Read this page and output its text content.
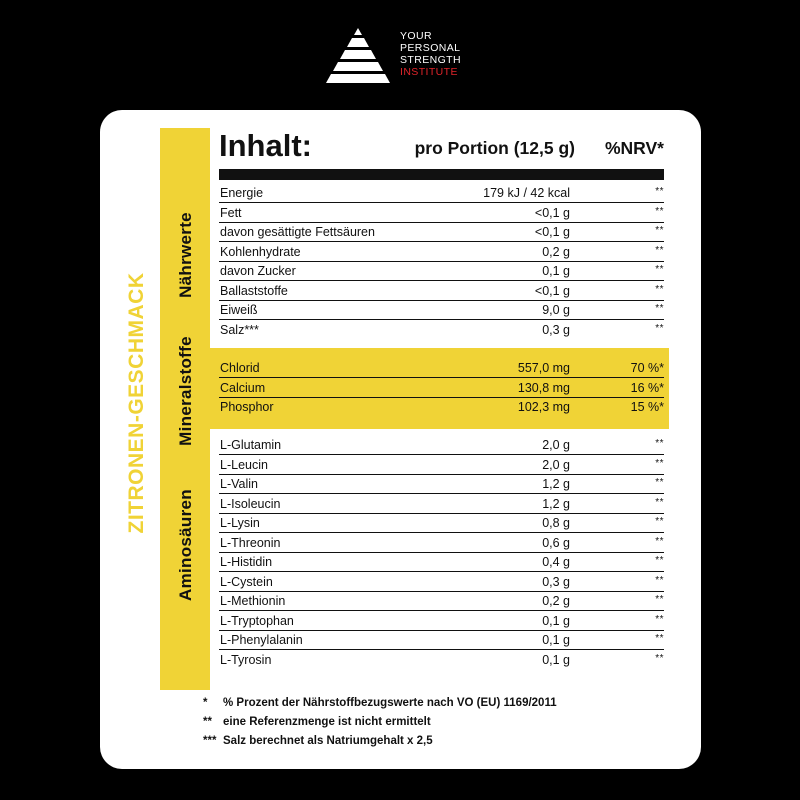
YOUR
PERSONAL
STRENGTH
INSTITUTE
ZITRONEN-GESCHMACK
Nährwerte
Mineralstoffe
Aminosäuren
Inhalt:	pro Portion (12,5 g)	%NRV*
Energie	179 kJ / 42 kcal	**
Fett	<0,1 g	**
davon gesättigte Fettsäuren	<0,1 g	**
Kohlenhydrate	0,2 g	**
davon Zucker	0,1 g	**
Ballaststoffe	<0,1 g	**
Eiweiß	9,0 g	**
Salz***	0,3 g	**
Chlorid	557,0 mg	70 %*
Calcium	130,8 mg	16 %*
Phosphor	102,3 mg	15 %*
L-Glutamin	2,0 g	**
L-Leucin	2,0 g	**
L-Valin	1,2 g	**
L-Isoleucin	1,2 g	**
L-Lysin	0,8 g	**
L-Threonin	0,6 g	**
L-Histidin	0,4 g	**
L-Cystein	0,3 g	**
L-Methionin	0,2 g	**
L-Tryptophan	0,1 g	**
L-Phenylalanin	0,1 g	**
L-Tyrosin	0,1 g	**
* % Prozent der Nährstoffbezugswerte nach VO (EU) 1169/2011
** eine Referenzmenge ist nicht ermittelt
*** Salz berechnet als Natriumgehalt x 2,5
